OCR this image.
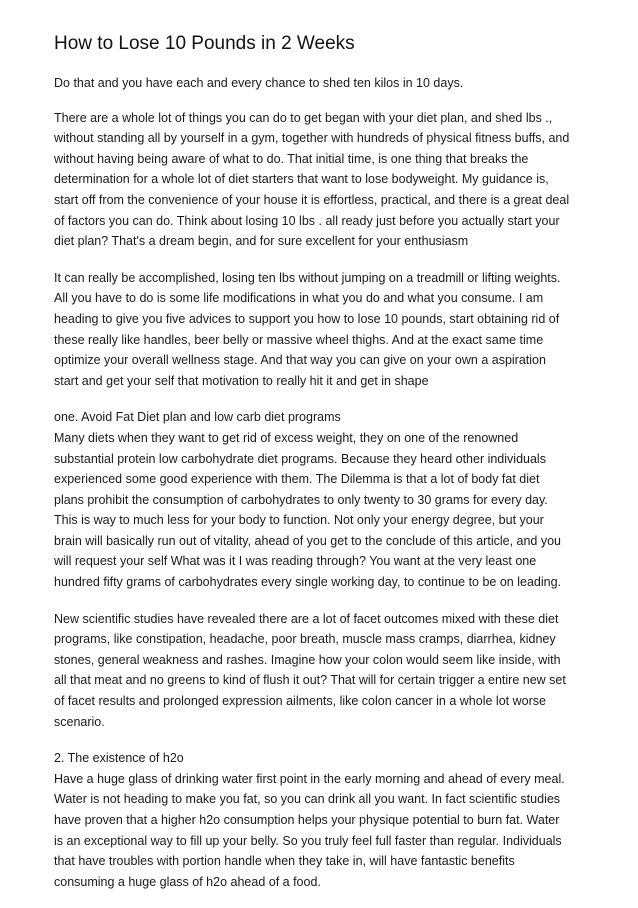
How to Lose 10 Pounds in 2 Weeks
Do that and you have each and every chance to shed ten kilos in 10 days.
There are a whole lot of things you can do to get began with your diet plan, and shed lbs .,
without standing all by yourself in a gym, together with hundreds of physical fitness buffs, and
without having being aware of what to do. That initial time, is one thing that breaks the
determination for a whole lot of diet starters that want to lose bodyweight. My guidance is,
start off from the convenience of your house it is effortless, practical, and there is a great deal
of factors you can do. Think about losing 10 lbs . all ready just before you actually start your
diet plan? That's a dream begin, and for sure excellent for your enthusiasm
It can really be accomplished, losing ten lbs without jumping on a treadmill or lifting weights.
All you have to do is some life modifications in what you do and what you consume. I am
heading to give you five advices to support you how to lose 10 pounds, start obtaining rid of
these really like handles, beer belly or massive wheel thighs. And at the exact same time
optimize your overall wellness stage. And that way you can give on your own a aspiration
start and get your self that motivation to really hit it and get in shape
one. Avoid Fat Diet plan and low carb diet programs
Many diets when they want to get rid of excess weight, they on one of the renowned
substantial protein low carbohydrate diet programs. Because they heard other individuals
experienced some good experience with them. The Dilemma is that a lot of body fat diet
plans prohibit the consumption of carbohydrates to only twenty to 30 grams for every day.
This is way to much less for your body to function. Not only your energy degree, but your
brain will basically run out of vitality, ahead of you get to the conclude of this article, and you
will request your self What was it I was reading through? You want at the very least one
hundred fifty grams of carbohydrates every single working day, to continue to be on leading.
New scientific studies have revealed there are a lot of facet outcomes mixed with these diet
programs, like constipation, headache, poor breath, muscle mass cramps, diarrhea, kidney
stones, general weakness and rashes. Imagine how your colon would seem like inside, with
all that meat and no greens to kind of flush it out? That will for certain trigger a entire new set
of facet results and prolonged expression ailments, like colon cancer in a whole lot worse
scenario.
2. The existence of h2o
Have a huge glass of drinking water first point in the early morning and ahead of every meal.
Water is not heading to make you fat, so you can drink all you want. In fact scientific studies
have proven that a higher h2o consumption helps your physique potential to burn fat. Water
is an exceptional way to fill up your belly. So you truly feel full faster than regular. Individuals
that have troubles with portion handle when they take in, will have fantastic benefits
consuming a huge glass of h2o ahead of a food.
